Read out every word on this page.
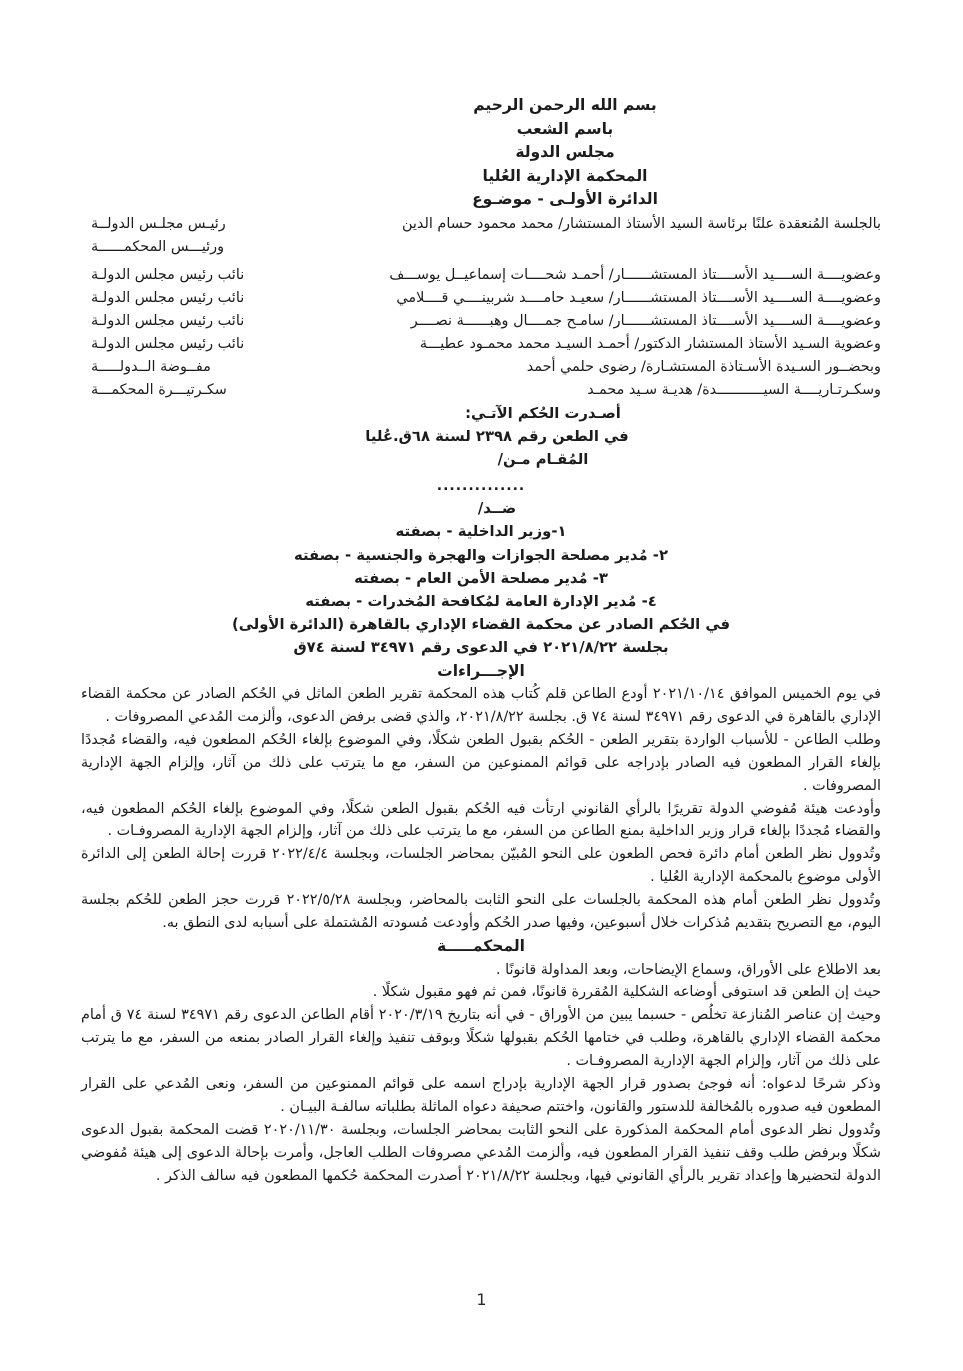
بسم الله الرحمن الرحيم
باسم الشعب
مجلس الدولة
المحكمة الإدارية العُليا
الدائرة الأولـى - موضـوع
بالجلسة المُنعقدة علنًا برئاسة السيد الأستاذ المستشار/ محمد محمود حسام الدين
رئيـس مجلـس الدولــة
ورئيـــس المحكمــــــة
وعضويــــة الســــيد الأســــتاذ المستشــــــار/ أحمـد شحــــات إسماعيــل يوســـف
نائب رئيس مجلس الدولـة
وعضويــــة الســــيد الأســــتاذ المستشــــــار/ سعيـد حامــــد شربينــــي قــــلامي
نائب رئيس مجلس الدولـة
وعضويــــة الســــيد الأســــتاذ المستشــــــار/ سامـح جمــــال وهبــــــة نصــــر
نائب رئيس مجلس الدولـة
وعضوية السـيد الأستاذ المستشار الدكتور/ أحمـد السيـد محمد محمـود عطيـــة
نائب رئيس مجلس الدولـة
وبحضــور السـيدة الأسـتاذة المستشـارة/ رضوى حلمي أحمد
مفــوضة الــدولـــــة
وسكـرتـاريــــة السيـــــــــــدة/ هديـة سـيد محمـد
سكـرتيـــرة المحكمـــة
أصـدرت الحُكم الآتـي:
في الطعن رقم ٢٣٩٨ لسنة ٦٨ق.عُليا
المُقـام مـن/
..............
ضــد/
١-وزير الداخلية - بصفته
٢- مُدير مصلحة الجوازات والهجرة والجنسية - بصفته
٣- مُدير مصلحة الأمن العام - بصفته
٤- مُدير الإدارة العامة لمُكافحة المُخدرات - بصفته
في الحُكم الصادر عن محكمة القضاء الإداري بالقاهرة (الدائرة الأولى)
بجلسة ٢٠٢١/٨/٢٢ في الدعوى رقم ٣٤٩٧١ لسنة ٧٤ق
الإجـــراءات
في يوم الخميس الموافق ٢٠٢١/١٠/١٤ أودع الطاعن قلم كُتاب هذه المحكمة تقرير الطعن الماثل في الحُكم الصادر عن محكمة القضاء الإداري بالقاهرة في الدعوى رقم ٣٤٩٧١ لسنة ٧٤ ق. بجلسة ٢٠٢١/٨/٢٢، والذي قضى برفض الدعوى، وألزمت المُدعي المصروفات .
وطلب الطاعن - للأسباب الواردة بتقرير الطعن - الحُكم بقبول الطعن شكلًا، وفي الموضوع بإلغاء الحُكم المطعون فيه، والقضاء مُجددًا بإلغاء القرار المطعون فيه الصادر بإدراجه على قوائم الممنوعين من السفر، مع ما يترتب على ذلك من آثار، وإلزام الجهة الإدارية المصروفات .
وأودعت هيئة مُفوضي الدولة تقريرًا بالرأي القانوني ارتأت فيه الحُكم بقبول الطعن شكلًا، وفي الموضوع بإلغاء الحُكم المطعون فيه، والقضاء مُجددًا بإلغاء قرار وزير الداخلية بمنع الطاعن من السفر، مع ما يترتب على ذلك من آثار، وإلزام الجهة الإدارية المصروفـات .
وتُدوول نظر الطعن أمام دائرة فحص الطعون على النحو المُبيّن بمحاضر الجلسات، وبجلسة ٢٠٢٢/٤/٤ قررت إحالة الطعن إلى الدائرة الأولى موضوع بالمحكمة الإدارية العُليا .
وتُدوول نظر الطعن أمام هذه المحكمة بالجلسات على النحو الثابت بالمحاضر، وبجلسة ٢٠٢٢/٥/٢٨ قررت حجز الطعن للحُكم بجلسة اليوم، مع التصريح بتقديم مُذكرات خلال أسبوعين، وفيها صدر الحُكم وأودعت مُسودته المُشتملة على أسبابه لدى النطق به.
المحكمـــــة
بعد الاطلاع على الأوراق، وسماع الإيضاحات، وبعد المداولة قانونًا .
حيث إن الطعن قد استوفى أوضاعه الشكلية المُقررة قانونًا، فمن ثم فهو مقبول شكلًا .
وحيث إن عناصر المُنازعة تخلُص - حسبما يبين من الأوراق - في أنه بتاريخ ٢٠٢٠/٣/١٩ أقام الطاعن الدعوى رقم ٣٤٩٧١ لسنة ٧٤ ق أمام محكمة القضاء الإداري بالقاهرة، وطلب في ختامها الحُكم بقبولها شكلًا وبوقف تنفيذ وإلغاء القرار الصادر بمنعه من السفر، مع ما يترتب على ذلك من آثار، وإلزام الجهة الإدارية المصروفـات .
وذكر شرحًا لدعواه: أنه فوجئ بصدور قرار الجهة الإدارية بإدراج اسمه على قوائم الممنوعين من السفر، ونعى المُدعي على القرار المطعون فيه صدوره بالمُخالفة للدستور والقانون، واختتم صحيفة دعواه الماثلة بطلباته سالفـة البيـان .
وتُدوول نظر الدعوى أمام المحكمة المذكورة على النحو الثابت بمحاضر الجلسات، وبجلسة ٢٠٢٠/١١/٣٠ قضت المحكمة بقبول الدعوى شكلًا وبرفض طلب وقف تنفيذ القرار المطعون فيه، وألزمت المُدعي مصروفات الطلب العاجل، وأمرت بإحالة الدعوى إلى هيئة مُفوضي الدولة لتحضيرها وإعداد تقرير بالرأي القانوني فيها، وبجلسة ٢٠٢١/٨/٢٢ أصدرت المحكمة حُكمها المطعون فيه سالف الذكر .
1
